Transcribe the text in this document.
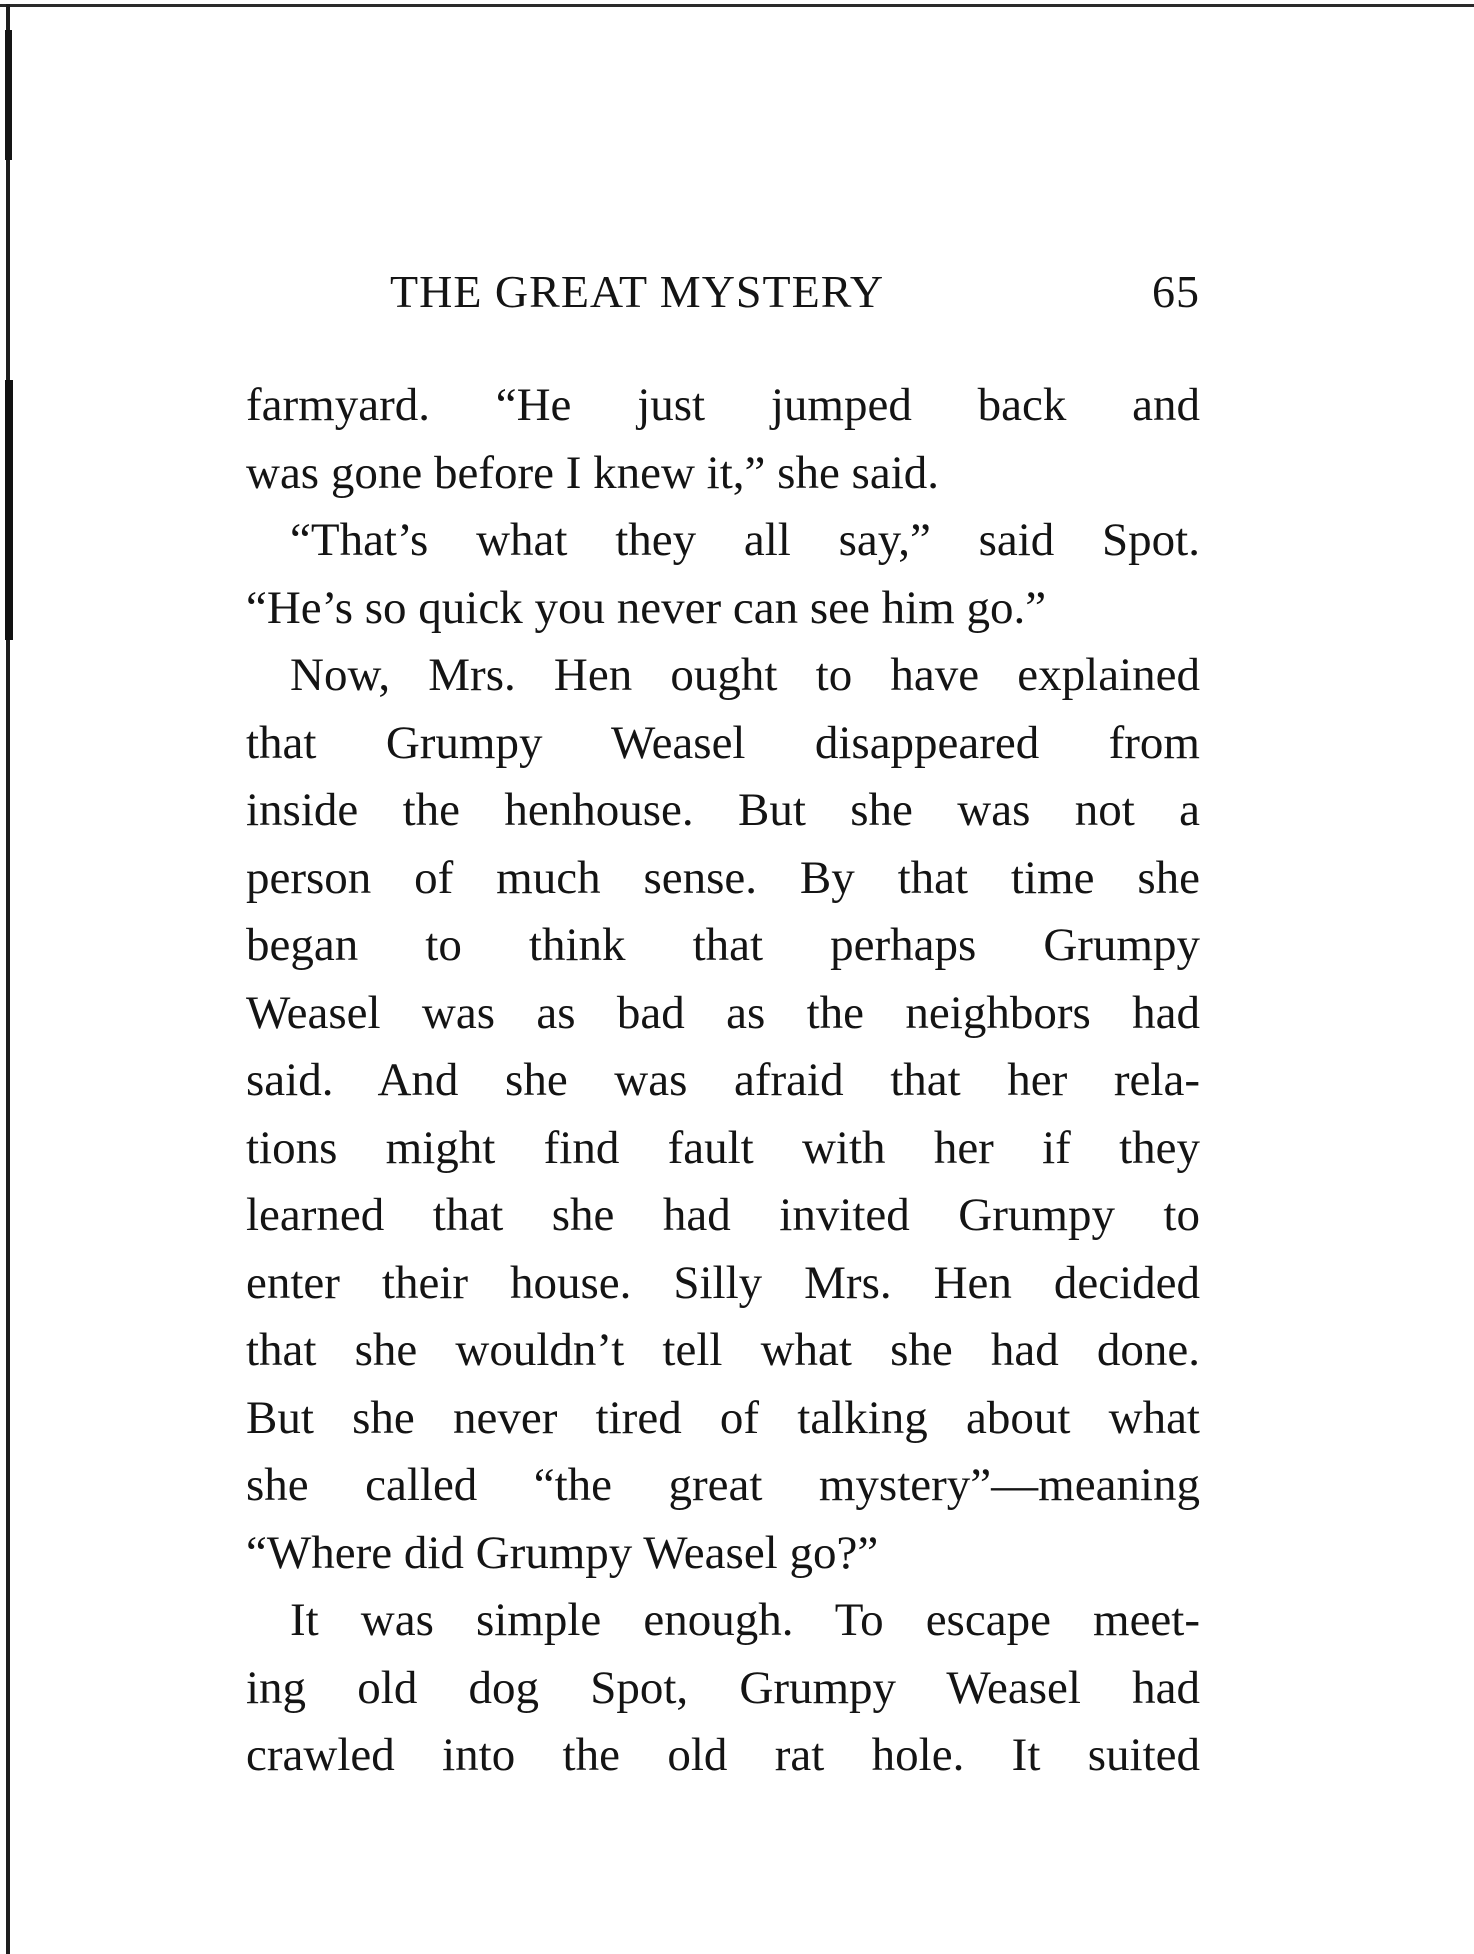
THE GREAT MYSTERY	65
farmyard. “He just jumped back and
was gone before I knew it,” she said.
“That’s what they all say,” said Spot.
“He’s so quick you never can see him go.”
Now, Mrs. Hen ought to have explained
that Grumpy Weasel disappeared from
inside the henhouse. But she was not a
person of much sense. By that time she
began to think that perhaps Grumpy
Weasel was as bad as the neighbors had
said. And she was afraid that her rela-
tions might find fault with her if they
learned that she had invited Grumpy to
enter their house. Silly Mrs. Hen decided
that she wouldn’t tell what she had done.
But she never tired of talking about what
she called “the great mystery”—meaning
“Where did Grumpy Weasel go?”
It was simple enough. To escape meet-
ing old dog Spot, Grumpy Weasel had
crawled into the old rat hole. It suited
